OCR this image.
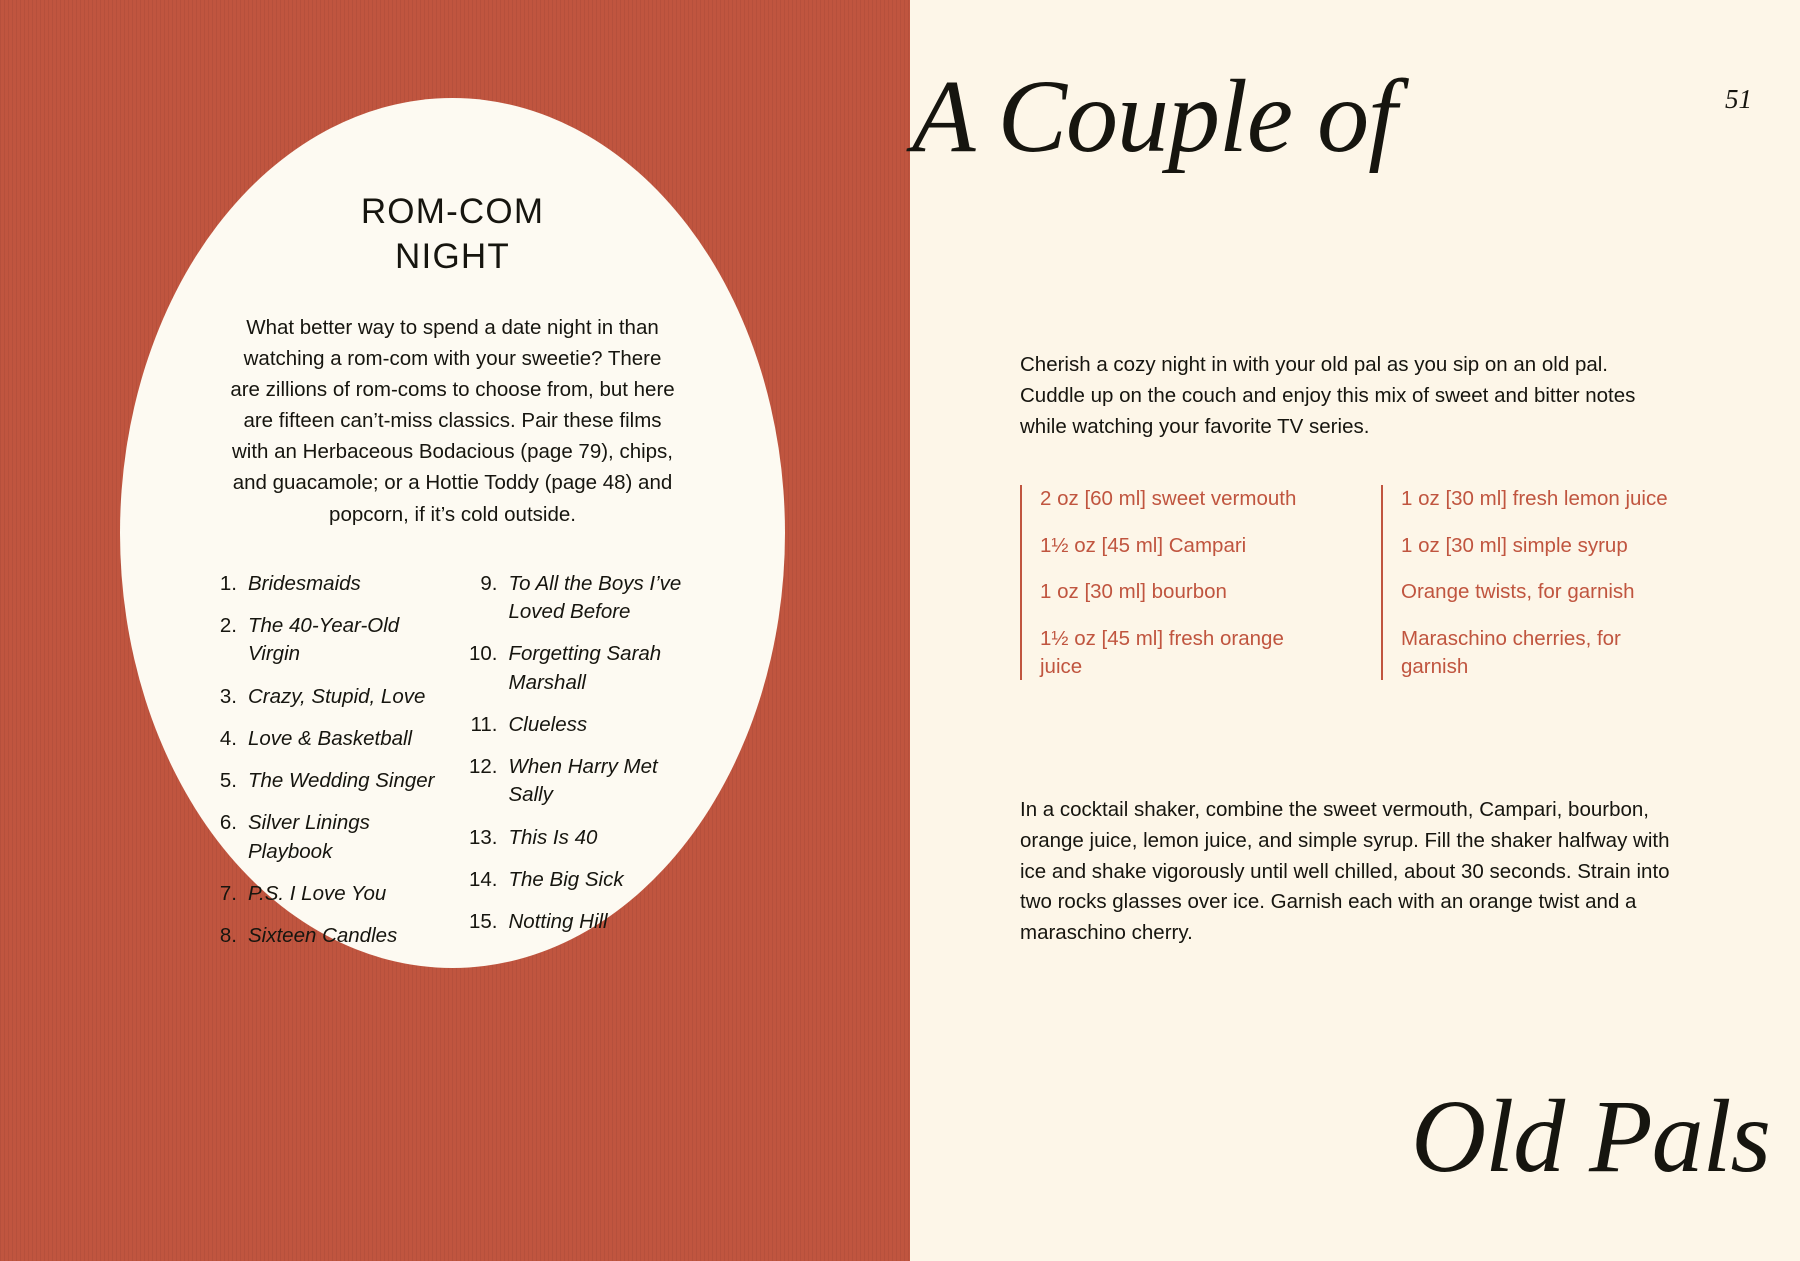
ROM-COM
NIGHT
What better way to spend a date night in than watching a rom-com with your sweetie? There are zillions of rom-coms to choose from, but here are fifteen can’t-miss classics. Pair these films with an Herbaceous Bodacious (page 79), chips, and guacamole; or a Hottie Toddy (page 48) and popcorn, if it’s cold outside.
1. Bridesmaids
2. The 40-Year-Old Virgin
3. Crazy, Stupid, Love
4. Love & Basketball
5. The Wedding Singer
6. Silver Linings Playbook
7. P.S. I Love You
8. Sixteen Candles
9. To All the Boys I’ve Loved Before
10. Forgetting Sarah Marshall
11. Clueless
12. When Harry Met Sally
13. This Is 40
14. The Big Sick
15. Notting Hill
51
A Couple of
Cherish a cozy night in with your old pal as you sip on an old pal. Cuddle up on the couch and enjoy this mix of sweet and bitter notes while watching your favorite TV series.
2 oz [60 ml] sweet vermouth
1½ oz [45 ml] Campari
1 oz [30 ml] bourbon
1½ oz [45 ml] fresh orange juice
1 oz [30 ml] fresh lemon juice
1 oz [30 ml] simple syrup
Orange twists, for garnish
Maraschino cherries, for garnish
In a cocktail shaker, combine the sweet vermouth, Campari, bourbon, orange juice, lemon juice, and simple syrup. Fill the shaker halfway with ice and shake vigorously until well chilled, about 30 seconds. Strain into two rocks glasses over ice. Garnish each with an orange twist and a maraschino cherry.
Old Pals
